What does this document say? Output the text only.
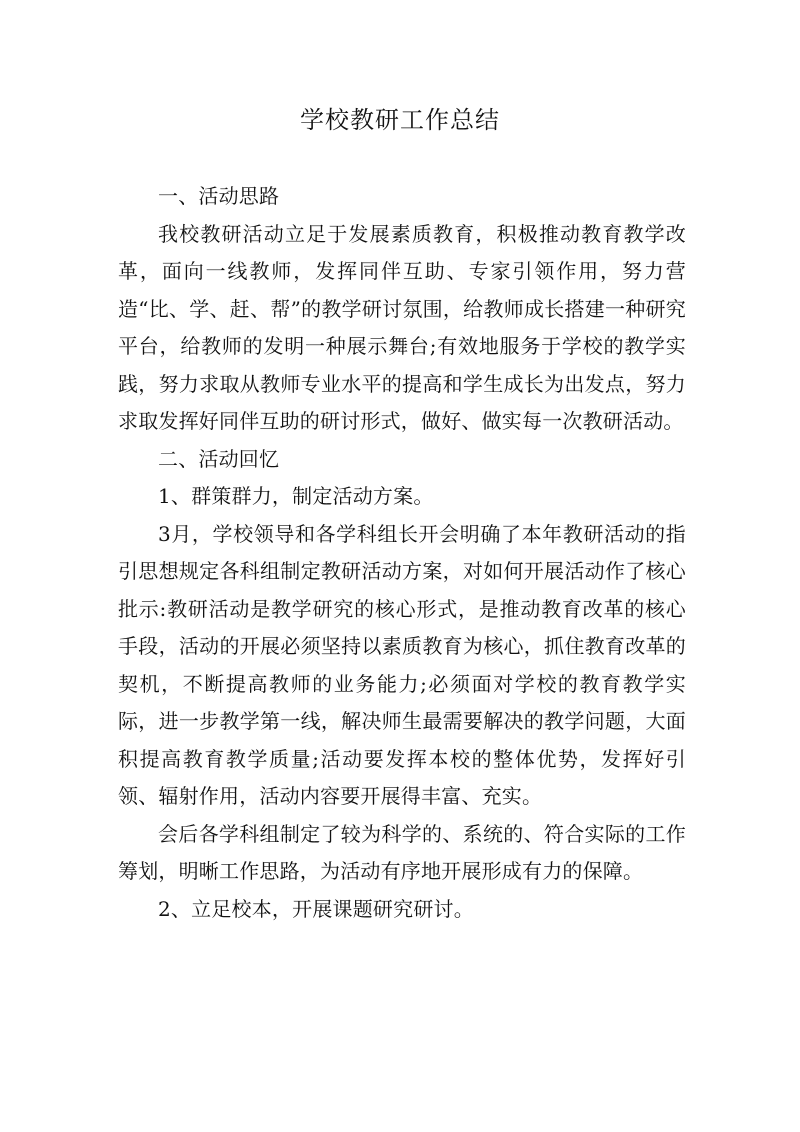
学校教研工作总结

一、活动思路

我校教研活动立足于发展素质教育，积极推动教育教学改革，面向一线教师，发挥同伴互助、专家引领作用，努力营造“比、学、赶、帮”的教学研讨氛围，给教师成长搭建一种研究平台，给教师的发明一种展示舞台;有效地服务于学校的教学实践，努力求取从教师专业水平的提高和学生成长为出发点，努力求取发挥好同伴互助的研讨形式，做好、做实每一次教研活动。

二、活动回忆

1、群策群力，制定活动方案。

3月，学校领导和各学科组长开会明确了本年教研活动的指引思想规定各科组制定教研活动方案，对如何开展活动作了核心批示:教研活动是教学研究的核心形式，是推动教育改革的核心手段，活动的开展必须坚持以素质教育为核心，抓住教育改革的契机，不断提高教师的业务能力;必须面对学校的教育教学实际，进一步教学第一线，解决师生最需要解决的教学问题，大面积提高教育教学质量;活动要发挥本校的整体优势，发挥好引领、辐射作用，活动内容要开展得丰富、充实。

会后各学科组制定了较为科学的、系统的、符合实际的工作筹划，明晰工作思路，为活动有序地开展形成有力的保障。

2、立足校本，开展课题研究研讨。
